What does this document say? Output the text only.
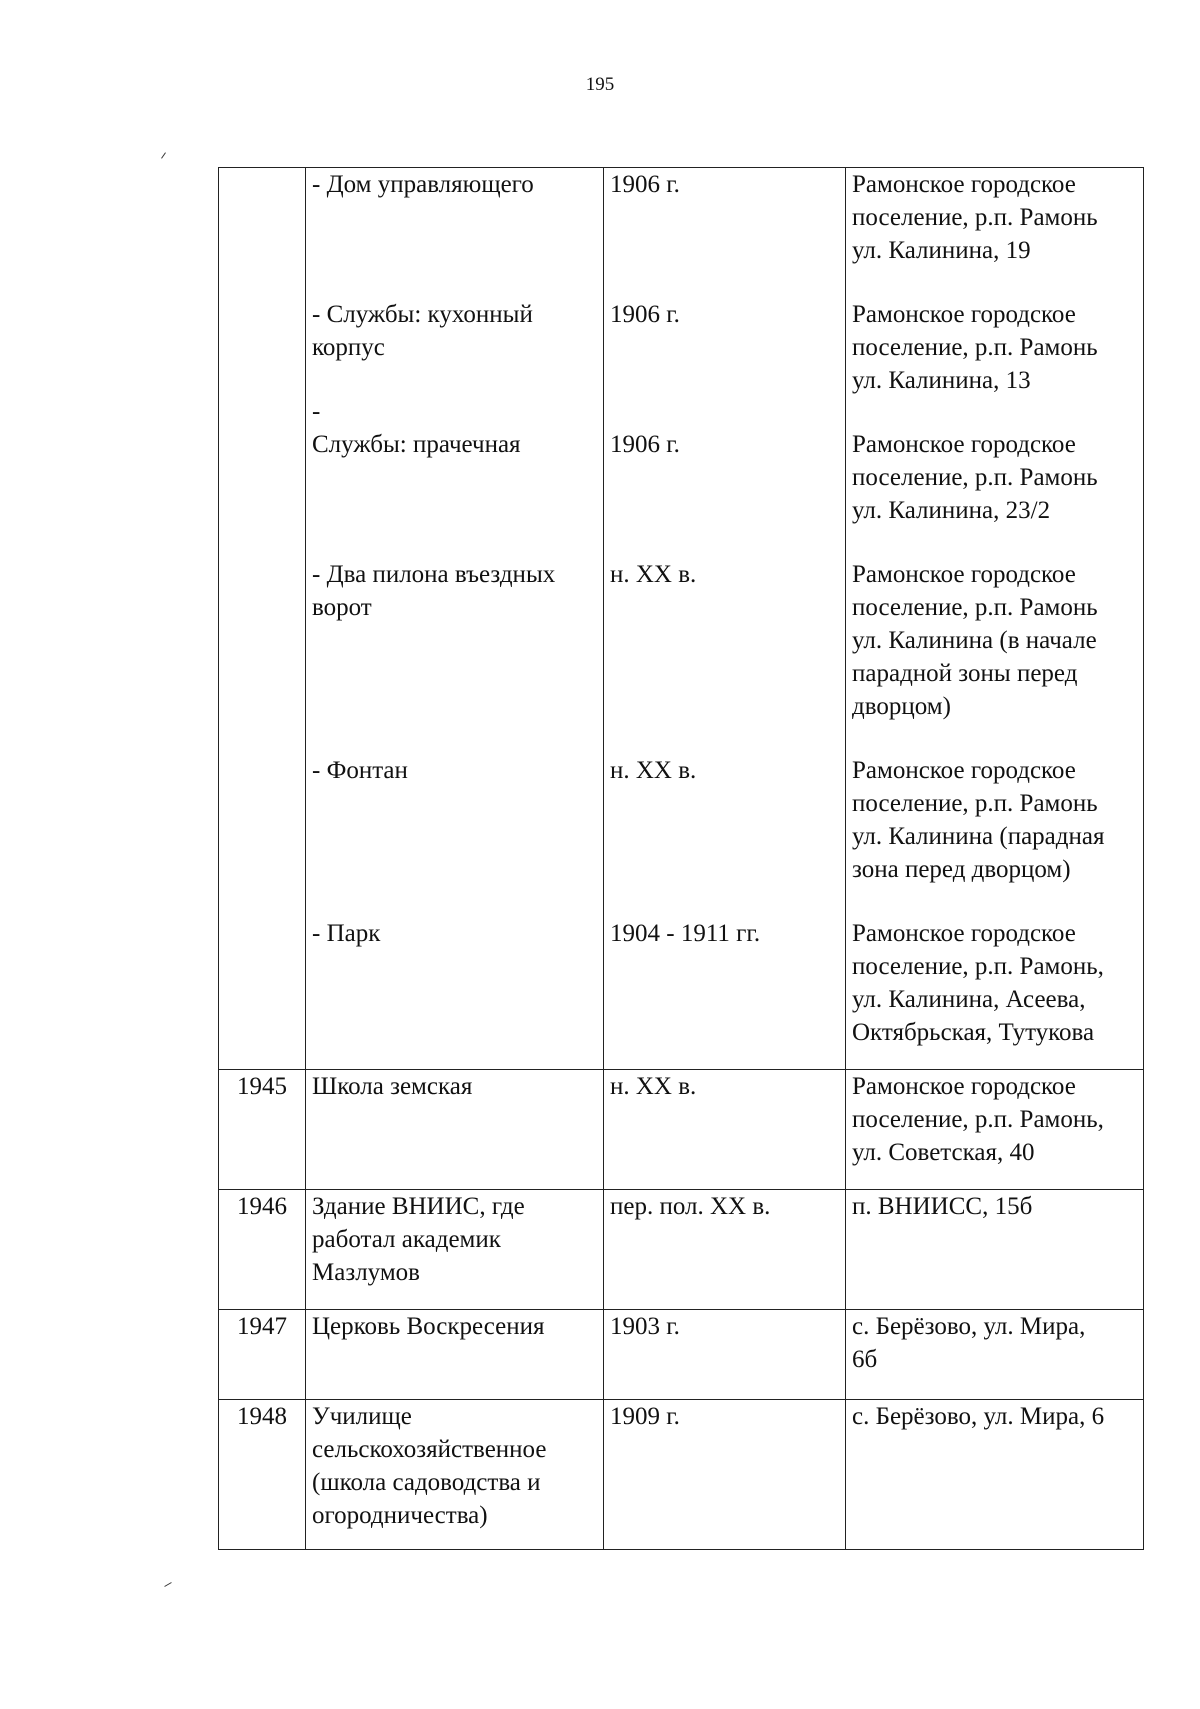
195

	- Дом управляющего	1906 г.	Рамонское городское
поселение, р.п. Рамонь
ул. Калинина, 19

	- Службы: кухонный
корпус	1906 г.	Рамонское городское
поселение, р.п. Рамонь
ул. Калинина, 13

	-
Службы: прачечная	1906 г.	Рамонское городское
поселение, р.п. Рамонь
ул. Калинина, 23/2

	- Два пилона въездных
ворот	н. XX в.	Рамонское городское
поселение, р.п. Рамонь
ул. Калинина (в начале
парадной зоны перед
дворцом)

	- Фонтан	н. XX в.	Рамонское городское
поселение, р.п. Рамонь
ул. Калинина (парадная
зона перед дворцом)

	- Парк	1904 - 1911 гг.	Рамонское городское
поселение, р.п. Рамонь,
ул. Калинина, Асеева,
Октябрьская, Тутукова

1945	Школа земская	н. XX в.	Рамонское городское
поселение, р.п. Рамонь,
ул. Советская, 40

1946	Здание ВНИИС, где
работал академик
Мазлумов	пер. пол. XX в.	п. ВНИИСС, 15б

1947	Церковь Воскресения	1903 г.	с. Берёзово, ул. Мира,
6б

1948	Училище
сельскохозяйственное
(школа садоводства и
огородничества)	1909 г.	с. Берёзово, ул. Мира, 6
